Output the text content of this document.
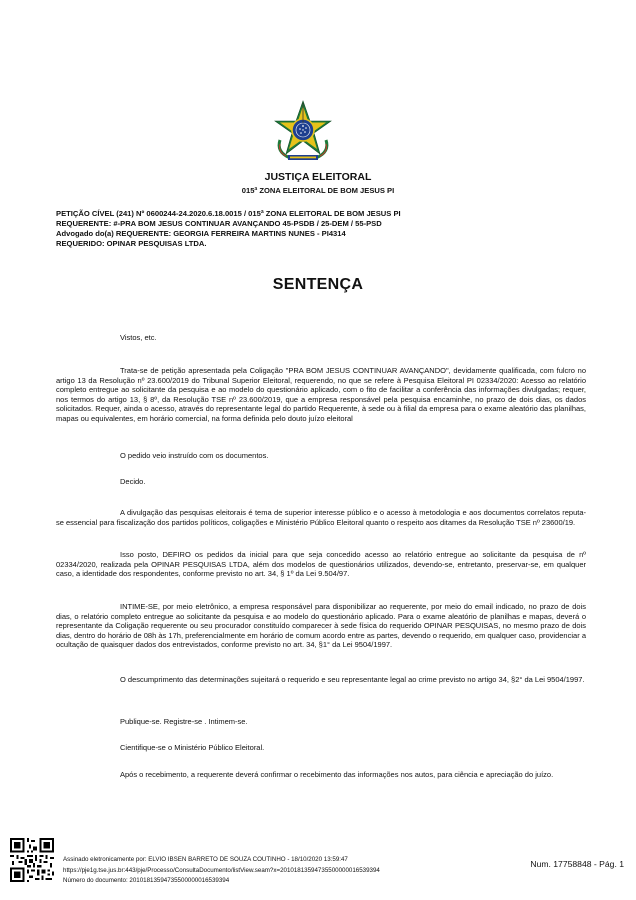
JUSTIÇA ELEITORAL
015ª ZONA ELEITORAL DE BOM JESUS PI
PETIÇÃO CÍVEL (241) Nº 0600244-24.2020.6.18.0015 / 015ª ZONA ELEITORAL DE BOM JESUS PI
REQUERENTE: #-PRA BOM JESUS CONTINUAR AVANÇANDO 45-PSDB / 25-DEM / 55-PSD
Advogado do(a) REQUERENTE: GEORGIA FERREIRA MARTINS NUNES - PI4314
REQUERIDO: OPINAR PESQUISAS LTDA.
SENTENÇA
Vistos, etc.
Trata-se de petição apresentada pela Coligação "PRA BOM JESUS CONTINUAR AVANÇANDO", devidamente qualificada, com fulcro no artigo 13 da Resolução nº 23.600/2019 do Tribunal Superior Eleitoral, requerendo, no que se refere à Pesquisa Eleitoral PI 02334/2020: Acesso ao relatório completo entregue ao solicitante da pesquisa e ao modelo do questionário aplicado, com o fito de facilitar a conferência das informações divulgadas; requer, nos termos do artigo 13, § 8º, da Resolução TSE nº 23.600/2019, que a empresa responsável pela pesquisa encaminhe, no prazo de dois dias, os dados solicitados. Requer, ainda o acesso, através do representante legal do partido Requerente, à sede ou à filial da empresa para o exame aleatório das planilhas, mapas ou equivalentes, em horário comercial, na forma definida pelo douto juízo eleitoral
O pedido veio instruído com os documentos.
Decido.
A divulgação das pesquisas eleitorais é tema de superior interesse público e o acesso à metodologia e aos documentos correlatos reputa-se essencial para fiscalização dos partidos políticos, coligações e Ministério Público Eleitoral quanto o respeito aos ditames da Resolução TSE nº 23600/19.
Isso posto, DEFIRO os pedidos da inicial para que seja concedido acesso ao relatório entregue ao solicitante da pesquisa de nº 02334/2020, realizada pela OPINAR PESQUISAS LTDA, além dos modelos de questionários utilizados, devendo-se, entretanto, preservar-se, em qualquer caso, a identidade dos respondentes, conforme previsto no art. 34, § 1º da Lei 9.504/97.
INTIME-SE, por meio eletrônico, a empresa responsável para disponibilizar ao requerente, por meio do email indicado, no prazo de dois dias, o relatório completo entregue ao solicitante da pesquisa e ao modelo do questionário aplicado. Para o exame aleatório de planilhas e mapas, deverá o representante da Coligação requerente ou seu procurador constituído comparecer à sede física do requerido OPINAR PESQUISAS, no mesmo prazo de dois dias, dentro do horário de 08h às 17h, preferencialmente em horário de comum acordo entre as partes, devendo o requerido, em qualquer caso, providenciar a ocultação de quaisquer dados dos entrevistados, conforme previsto no art. 34, §1° da Lei 9504/1997.
O descumprimento das determinações sujeitará o requerido e seu representante legal ao crime previsto no artigo 34, §2° da Lei 9504/1997.
Publique-se. Registre-se . Intimem-se.
Cientifique-se o Ministério Público Eleitoral.
Após o recebimento, a requerente deverá confirmar o recebimento das informações nos autos, para ciência e apreciação do juízo.
Assinado eletronicamente por: ELVIO IBSEN BARRETO DE SOUZA COUTINHO - 18/10/2020 13:59:47
https://pje1g.tse.jus.br:443/pje/Processo/ConsultaDocumento/listView.seam?x=20101813594735500000016539394
Número do documento: 20101813594735500000016539394
Num. 17758848 - Pág. 1
